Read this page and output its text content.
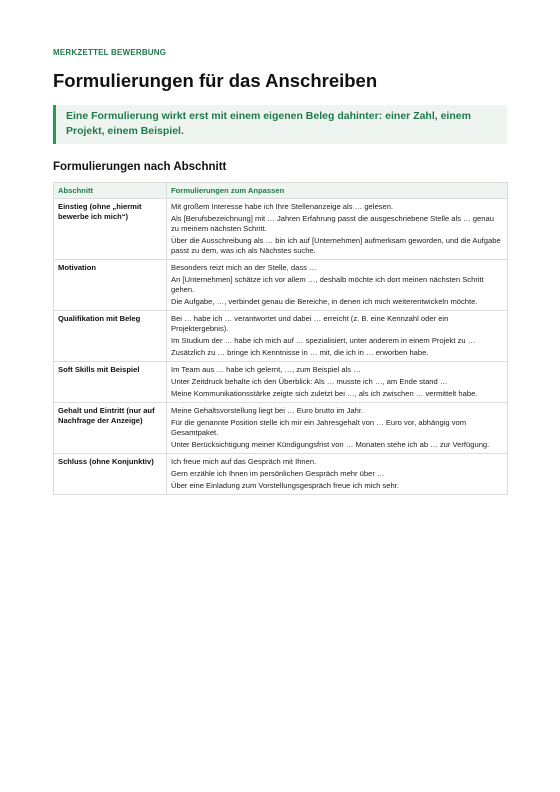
MERKZETTEL BEWERBUNG

Formulierungen für das Anschreiben
Eine Formulierung wirkt erst mit einem eigenen Beleg dahinter: einer Zahl, einem Projekt, einem Beispiel.
Formulierungen nach Abschnitt
Abschnitt	Formulierungen zum Anpassen
Einstieg (ohne „hiermit bewerbe ich mich“)	Mit großem Interesse habe ich Ihre Stellenanzeige als … gelesen.
Als [Berufsbezeichnung] mit … Jahren Erfahrung passt die ausgeschriebene Stelle als … genau zu meinem nächsten Schritt.
Über die Ausschreibung als … bin ich auf [Unternehmen] aufmerksam geworden, und die Aufgabe passt zu dem, was ich als Nächstes suche.

Motivation	Besonders reizt mich an der Stelle, dass …
An [Unternehmen] schätze ich vor allem …, deshalb möchte ich dort meinen nächsten Schritt gehen.
Die Aufgabe, …, verbindet genau die Bereiche, in denen ich mich weiterentwickeln möchte.

Qualifikation mit Beleg	Bei … habe ich … verantwortet und dabei … erreicht (z. B. eine Kennzahl oder ein Projektergebnis).
Im Studium der … habe ich mich auf … spezialisiert, unter anderem in einem Projekt zu …
Zusätzlich zu … bringe ich Kenntnisse in … mit, die ich in … erworben habe.

Soft Skills mit Beispiel	Im Team aus … habe ich gelernt, …, zum Beispiel als …
Unter Zeitdruck behalte ich den Überblick: Als … musste ich …, am Ende stand …
Meine Kommunikationsstärke zeigte sich zuletzt bei …, als ich zwischen … vermittelt habe.

Gehalt und Eintritt (nur auf Nachfrage der Anzeige)	Meine Gehaltsvorstellung liegt bei … Euro brutto im Jahr.
Für die genannte Position stelle ich mir ein Jahresgehalt von … Euro vor, abhängig vom Gesamtpaket.
Unter Berücksichtigung meiner Kündigungsfrist von … Monaten stehe ich ab … zur Verfügung.

Schluss (ohne Konjunktiv)	Ich freue mich auf das Gespräch mit Ihnen.
Gern erzähle ich Ihnen im persönlichen Gespräch mehr über …
Über eine Einladung zum Vorstellungsgespräch freue ich mich sehr.
